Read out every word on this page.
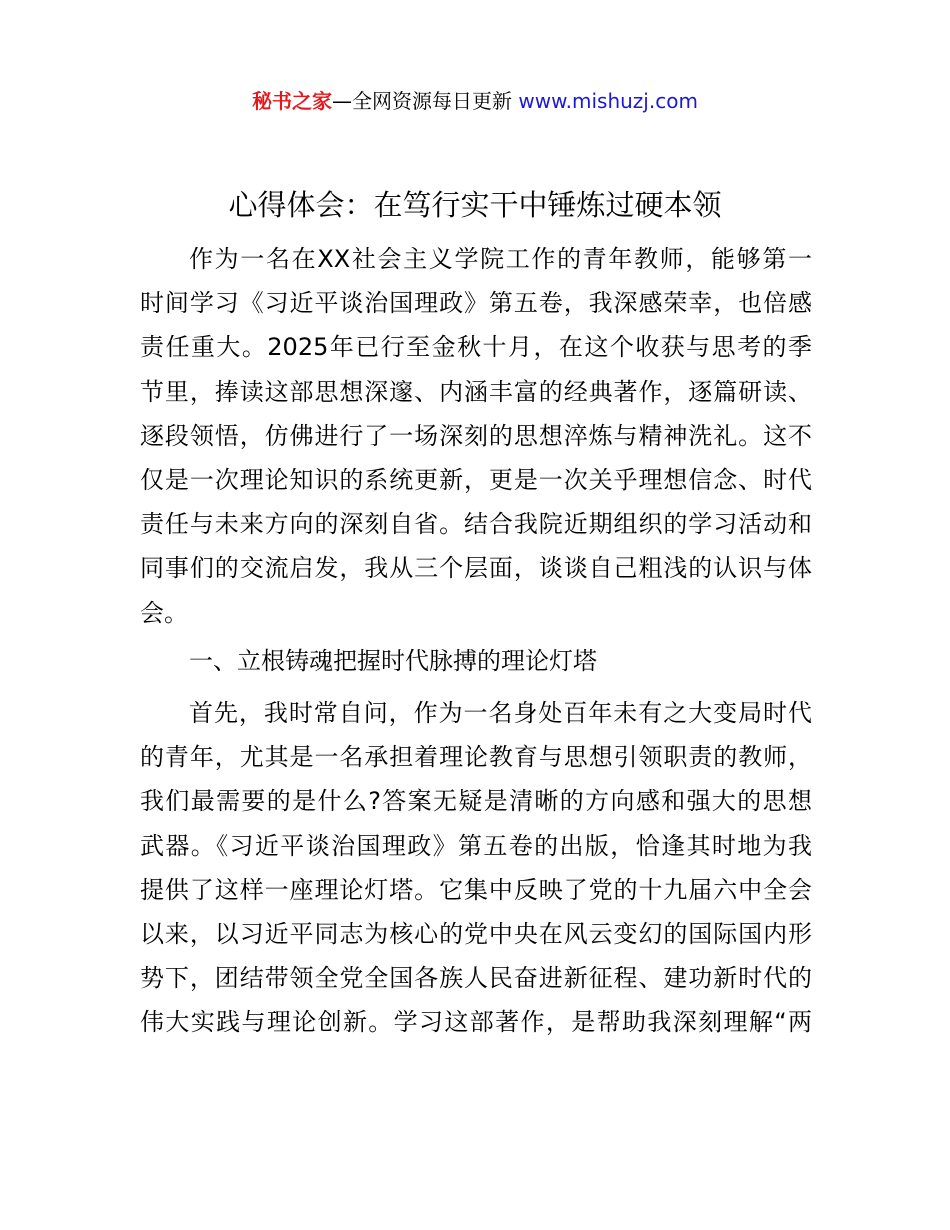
秘书之家—全网资源每日更新 www.mishuzj.com
心得体会：在笃行实干中锤炼过硬本领
作为一名在XX社会主义学院工作的青年教师，能够第一
时间学习《习近平谈治国理政》第五卷，我深感荣幸，也倍感
责任重大。2025年已行至金秋十月，在这个收获与思考的季
节里，捧读这部思想深邃、内涵丰富的经典著作，逐篇研读、
逐段领悟，仿佛进行了一场深刻的思想淬炼与精神洗礼。这不
仅是一次理论知识的系统更新，更是一次关乎理想信念、时代
责任与未来方向的深刻自省。结合我院近期组织的学习活动和
同事们的交流启发，我从三个层面，谈谈自己粗浅的认识与体
会。
一、立根铸魂把握时代脉搏的理论灯塔
首先，我时常自问，作为一名身处百年未有之大变局时代
的青年，尤其是一名承担着理论教育与思想引领职责的教师，
我们最需要的是什么?答案无疑是清晰的方向感和强大的思想
武器。《习近平谈治国理政》第五卷的出版，恰逢其时地为我
提供了这样一座理论灯塔。它集中反映了党的十九届六中全会
以来，以习近平同志为核心的党中央在风云变幻的国际国内形
势下，团结带领全党全国各族人民奋进新征程、建功新时代的
伟大实践与理论创新。学习这部著作，是帮助我深刻理解“两
